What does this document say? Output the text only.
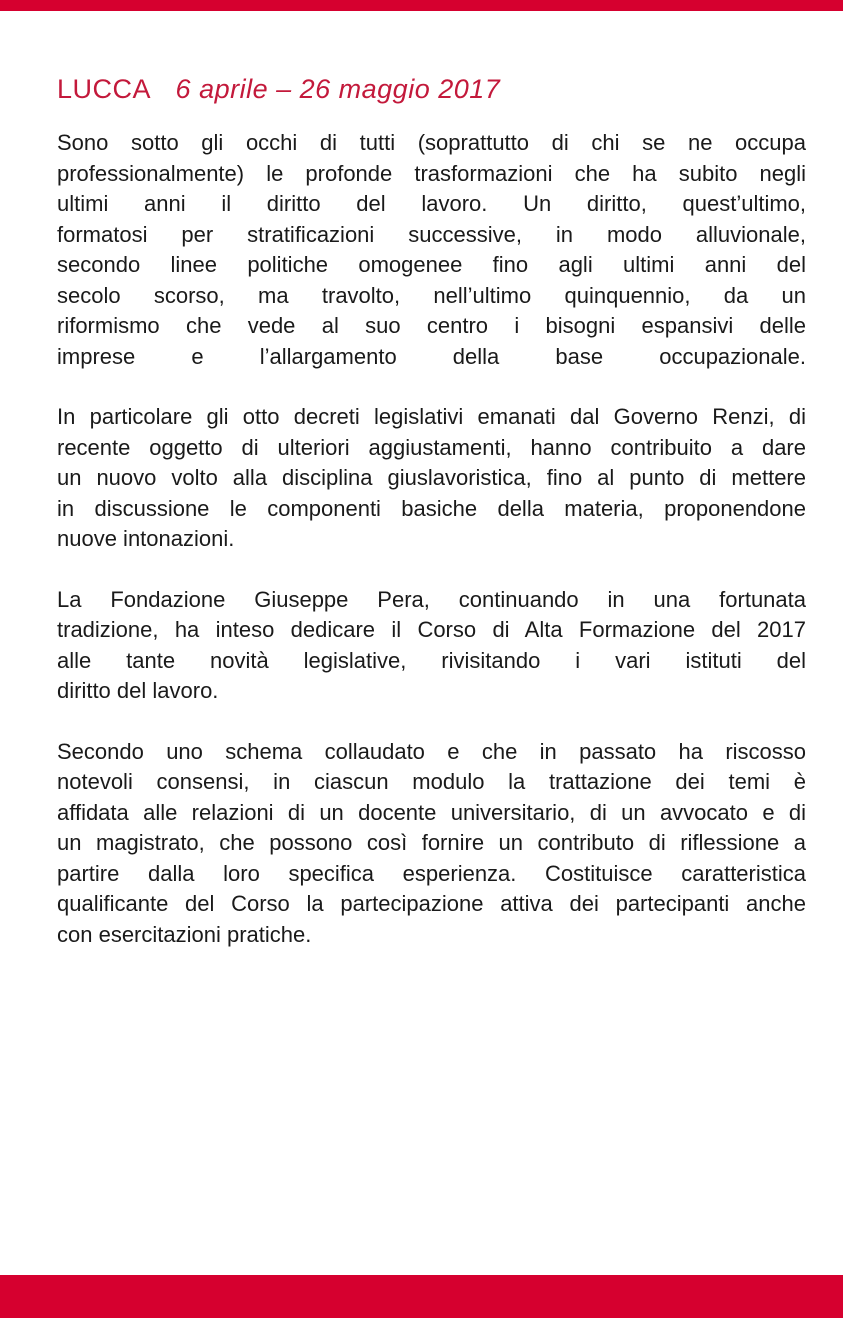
LUCCA 6 aprile – 26 maggio 2017
Sono sotto gli occhi di tutti (soprattutto di chi se ne occupa
professionalmente) le profonde trasformazioni che ha subito negli
ultimi anni il diritto del lavoro. Un diritto, quest’ultimo,
formatosi per stratificazioni successive, in modo alluvionale,
secondo linee politiche omogenee fino agli ultimi anni del
secolo scorso, ma travolto, nell’ultimo quinquennio, da un
riformismo che vede al suo centro i bisogni espansivi delle
imprese e l’allargamento della base occupazionale.
In particolare gli otto decreti legislativi emanati dal Governo Renzi, di
recente oggetto di ulteriori aggiustamenti, hanno contribuito a dare
un nuovo volto alla disciplina giuslavoristica, fino al punto di mettere
in discussione le componenti basiche della materia, proponendone
nuove intonazioni.
La Fondazione Giuseppe Pera, continuando in una fortunata
tradizione, ha inteso dedicare il Corso di Alta Formazione del 2017
alle tante novità legislative, rivisitando i vari istituti del
diritto del lavoro.
Secondo uno schema collaudato e che in passato ha riscosso
notevoli consensi, in ciascun modulo la trattazione dei temi è
affidata alle relazioni di un docente universitario, di un avvocato e di
un magistrato, che possono così fornire un contributo di riflessione a
partire dalla loro specifica esperienza. Costituisce caratteristica
qualificante del Corso la partecipazione attiva dei partecipanti anche
con esercitazioni pratiche.
